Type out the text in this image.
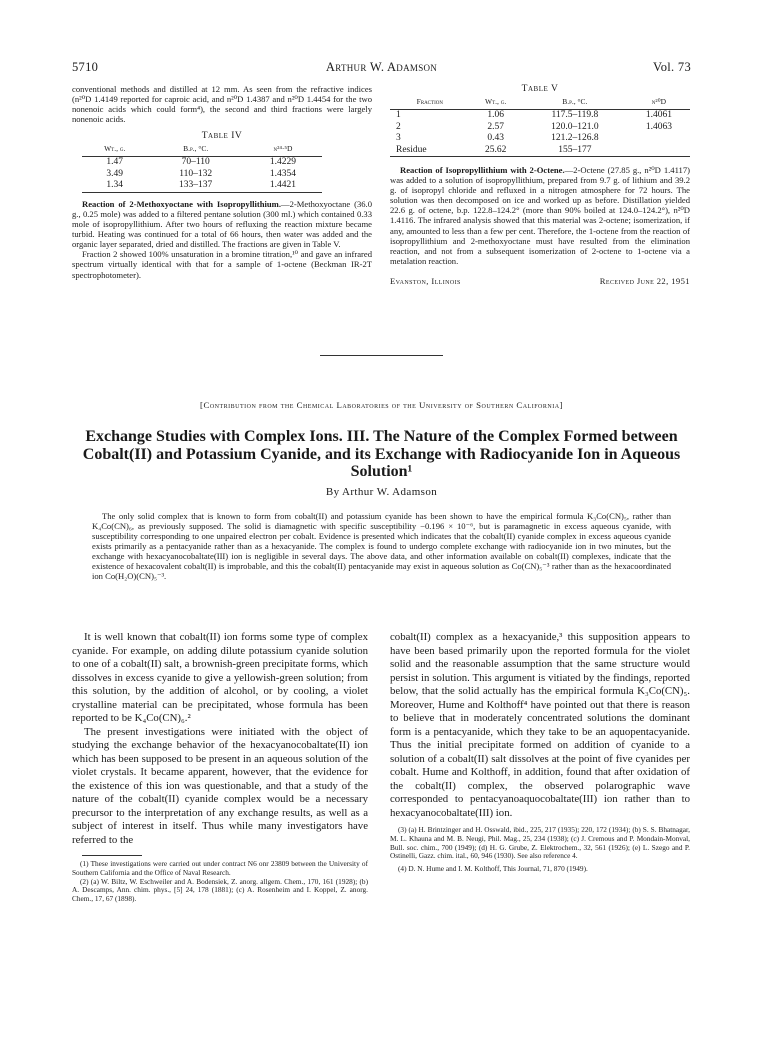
5710	Arthur W. Adamson	Vol. 73

conventional methods and distilled at 12 mm. As seen from the refractive indices (n²⁰D 1.4149 reported for caproic acid, and n²⁰D 1.4387 and n²⁰D 1.4454 for the two nonenoic acids which could form⁴), the second and third fractions were largely nonenoic acids.

Table IV
Wt., g.	B.p., °C.	n²⁴·⁵D
1.47	70–110	1.4229
3.49	110–132	1.4354
1.34	133–137	1.4421

Reaction of 2-Methoxyoctane with Isopropyllithium.—2-Methoxyoctane (36.0 g., 0.25 mole) was added to a filtered pentane solution (300 ml.) which contained 0.33 mole of isopropyllithium. After two hours of refluxing the reaction mixture became turbid. Heating was continued for a total of 66 hours, then water was added and the organic layer separated, dried and distilled. The fractions are given in Table V.

Fraction 2 showed 100% unsaturation in a bromine titration,¹⁰ and gave an infrared spectrum virtually identical with that for a sample of 1-octene (Beckman IR-2T spectrophotometer).

Table V
Fraction	Wt., g.	B.p., °C.	n²⁰D
1	1.06	117.5–119.8	1.4061
2	2.57	120.0–121.0	1.4063
3	0.43	121.2–126.8	
Residue	25.62	155–177	

Reaction of Isopropyllithium with 2-Octene.—2-Octene (27.85 g., n²⁰D 1.4117) was added to a solution of isopropyllithium, prepared from 9.7 g. of lithium and 39.2 g. of isopropyl chloride and refluxed in a nitrogen atmosphere for 72 hours. The solution was then decomposed on ice and worked up as before. Distillation yielded 22.6 g. of octene, b.p. 122.8–124.2° (more than 90% boiled at 124.0–124.2°), n²⁰D 1.4116. The infrared analysis showed that this material was 2-octene; isomerization, if any, amounted to less than a few per cent. Therefore, the 1-octene from the reaction of isopropyllithium and 2-methoxyoctane must have resulted from the elimination reaction, and not from a subsequent isomerization of 2-octene to 1-octene via a metalation reaction.

Evanston, Illinois	Received June 22, 1951
[Contribution from the Chemical Laboratories of the University of Southern California]
Exchange Studies with Complex Ions. III. The Nature of the Complex Formed between Cobalt(II) and Potassium Cyanide, and its Exchange with Radiocyanide Ion in Aqueous Solution¹
By Arthur W. Adamson

The only solid complex that is known to form from cobalt(II) and potassium cyanide has been shown to have the empirical formula K₃Co(CN)₅, rather than K₄Co(CN)₆, as previously supposed. The solid is diamagnetic with specific susceptibility −0.196 × 10⁻⁶, but is paramagnetic in excess aqueous cyanide, with susceptibility corresponding to one unpaired electron per cobalt. Evidence is presented which indicates that the cobalt(II) cyanide complex in excess aqueous cyanide exists primarily as a pentacyanide rather than as a hexacyanide. The complex is found to undergo complete exchange with radiocyanide ion in two minutes, but the exchange with hexacyanocobaltate(III) ion is negligible in several days. The above data, and other information available on cobalt(II) complexes, indicate that the existence of hexacovalent cobalt(II) is improbable, and this the cobalt(II) pentacyanide may exist in aqueous solution as Co(CN)₅⁻³ rather than as the hexacoordinated ion Co(H₂O)(CN)₅⁻³.

It is well known that cobalt(II) ion forms some type of complex cyanide. For example, on adding dilute potassium cyanide solution to one of a cobalt(II) salt, a brownish-green precipitate forms, which dissolves in excess cyanide to give a yellowish-green solution; from this solution, by the addition of alcohol, or by cooling, a violet crystalline material can be precipitated, whose formula has been reported to be K₄Co(CN)₆.²

The present investigations were initiated with the object of studying the exchange behavior of the hexacyanocobaltate(II) ion which has been supposed to be present in an aqueous solution of the violet crystals. It became apparent, however, that the evidence for the existence of this ion was questionable, and that a study of the nature of the cobalt(II) cyanide complex would be a necessary precursor to the interpretation of any exchange results, as well as a subject of interest in itself. Thus while many investigators have referred to the

(1) These investigations were carried out under contract N6 onr 23809 between the University of Southern California and the Office of Naval Research.

(2) (a) W. Biltz, W. Eschweiler and A. Bodensiek, Z. anorg. allgem. Chem., 170, 161 (1928); (b) A. Descamps, Ann. chim. phys., [5] 24, 178 (1881); (c) A. Rosenheim and I. Koppel, Z. anorg. Chem., 17, 67 (1898).

cobalt(II) complex as a hexacyanide,³ this supposition appears to have been based primarily upon the reported formula for the violet solid and the reasonable assumption that the same structure would persist in solution. This argument is vitiated by the findings, reported below, that the solid actually has the empirical formula K₃Co(CN)₅. Moreover, Hume and Kolthoff⁴ have pointed out that there is reason to believe that in moderately concentrated solutions the dominant form is a pentacyanide, which they take to be an aquopentacyanide. Thus the initial precipitate formed on addition of cyanide to a solution of a cobalt(II) salt dissolves at the point of five cyanides per cobalt. Hume and Kolthoff, in addition, found that after oxidation of the cobalt(II) complex, the observed polarographic wave corresponded to pentacyanoaquocobaltate(III) ion rather than to hexacyanocobaltate(III) ion.

(3) (a) H. Brintzinger and H. Osswald, ibid., 225, 217 (1935); 220, 172 (1934); (b) S. S. Bhatnagar, M. L. Khauna and M. B. Neugi, Phil. Mag., 25, 234 (1938); (c) J. Cremous and P. Mondain-Monval, Bull. soc. chim., 700 (1949); (d) H. G. Grube, Z. Elektrochem., 32, 561 (1926); (e) L. Szego and P. Ostinelli, Gazz. chim. ital., 60, 946 (1930). See also reference 4.

(4) D. N. Hume and I. M. Kolthoff, This Journal, 71, 870 (1949).
